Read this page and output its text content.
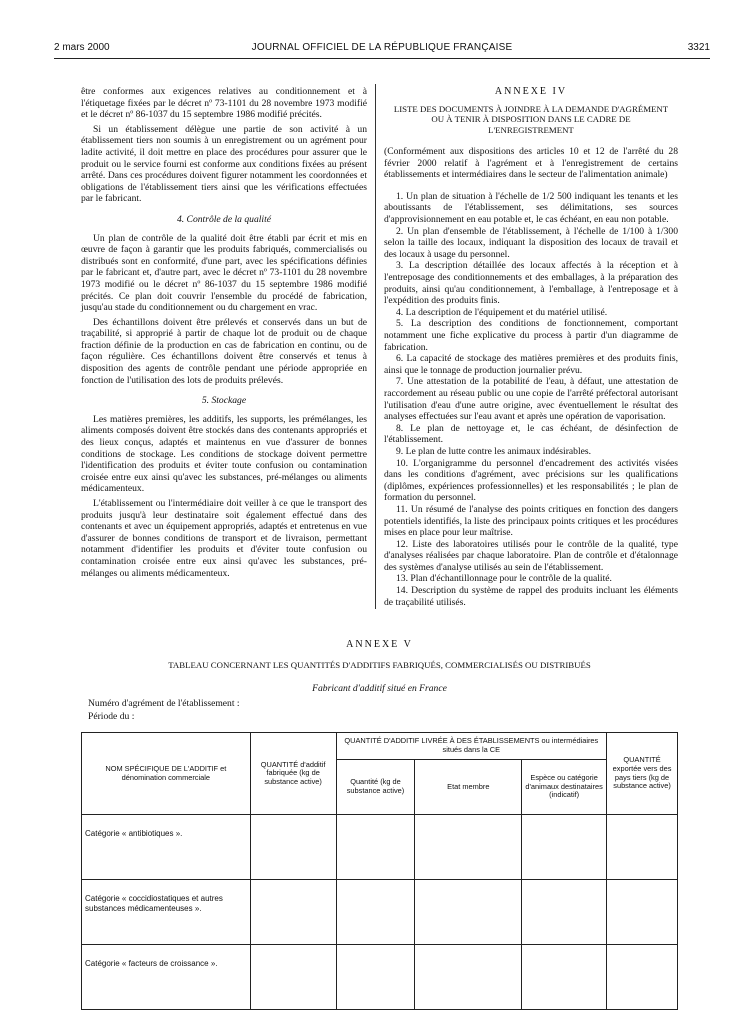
2 mars 2000	JOURNAL OFFICIEL DE LA RÉPUBLIQUE FRANÇAISE	3321

être conformes aux exigences relatives au conditionnement et à l'étiquetage fixées par le décret nº 73-1101 du 28 novembre 1973 modifié et le décret nº 86-1037 du 15 septembre 1986 modifié précités.

Si un établissement délègue une partie de son activité à un établissement tiers non soumis à un enregistrement ou un agrément pour ladite activité, il doit mettre en place des procédures pour assurer que le produit ou le service fourni est conforme aux conditions fixées au présent arrêté. Dans ces procédures doivent figurer notamment les coordonnées et obligations de l'établissement tiers ainsi que les vérifications effectuées par le fabricant.

4. Contrôle de la qualité

Un plan de contrôle de la qualité doit être établi par écrit et mis en œuvre de façon à garantir que les produits fabriqués, commercialisés ou distribués sont en conformité, d'une part, avec les spécifications définies par le fabricant et, d'autre part, avec le décret nº 73-1101 du 28 novembre 1973 modifié ou le décret nº 86-1037 du 15 septembre 1986 modifié précités. Ce plan doit couvrir l'ensemble du procédé de fabrication, jusqu'au stade du conditionnement ou du chargement en vrac.

Des échantillons doivent être prélevés et conservés dans un but de traçabilité, si approprié à partir de chaque lot de produit ou de chaque fraction définie de la production en cas de fabrication en continu, ou de façon régulière. Ces échantillons doivent être conservés et tenus à disposition des agents de contrôle pendant une période appropriée en fonction de l'utilisation des lots de produits prélevés.

5. Stockage

Les matières premières, les additifs, les supports, les prémélanges, les aliments composés doivent être stockés dans des contenants appropriés et des lieux conçus, adaptés et maintenus en vue d'assurer de bonnes conditions de stockage. Les conditions de stockage doivent permettre l'identification des produits et éviter toute confusion ou contamination croisée entre eux ainsi qu'avec les substances, pré-mélanges ou aliments médicamenteux.

L'établissement ou l'intermédiaire doit veiller à ce que le transport des produits jusqu'à leur destinataire soit également effectué dans des contenants et avec un équipement appropriés, adaptés et entretenus en vue d'assurer de bonnes conditions de transport et de livraison, permettant notamment d'identifier les produits et d'éviter toute confusion ou contamination croisée entre eux ainsi qu'avec les substances, pré-mélanges ou aliments médicamenteux.

ANNEXE IV
LISTE DES DOCUMENTS À JOINDRE À LA DEMANDE D'AGRÉMENT OU À TENIR À DISPOSITION DANS LE CADRE DE L'ENREGISTREMENT

(Conformément aux dispositions des articles 10 et 12 de l'arrêté du 28 février 2000 relatif à l'agrément et à l'enregistrement de certains établissements et intermédiaires dans le secteur de l'alimentation animale)

1. Un plan de situation à l'échelle de 1/2 500 indiquant les tenants et les aboutissants de l'établissement, ses délimitations, ses sources d'approvisionnement en eau potable et, le cas échéant, en eau non potable.
2. Un plan d'ensemble de l'établissement, à l'échelle de 1/100 à 1/300 selon la taille des locaux, indiquant la disposition des locaux de travail et des locaux à usage du personnel.
3. La description détaillée des locaux affectés à la réception et à l'entreposage des conditionnements et des emballages, à la préparation des produits, ainsi qu'au conditionnement, à l'emballage, à l'entreposage et à l'expédition des produits finis.
4. La description de l'équipement et du matériel utilisé.
5. La description des conditions de fonctionnement, comportant notamment une fiche explicative du process à partir d'un diagramme de fabrication.
6. La capacité de stockage des matières premières et des produits finis, ainsi que le tonnage de production journalier prévu.
7. Une attestation de la potabilité de l'eau, à défaut, une attestation de raccordement au réseau public ou une copie de l'arrêté préfectoral autorisant l'utilisation d'eau d'une autre origine, avec éventuellement le résultat des analyses effectuées sur l'eau avant et après une opération de vaporisation.
8. Le plan de nettoyage et, le cas échéant, de désinfection de l'établissement.
9. Le plan de lutte contre les animaux indésirables.
10. L'organigramme du personnel d'encadrement des activités visées dans les conditions d'agrément, avec précisions sur les qualifications (diplômes, expériences professionnelles) et les responsabilités ; le plan de formation du personnel.
11. Un résumé de l'analyse des points critiques en fonction des dangers potentiels identifiés, la liste des principaux points critiques et les procédures mises en place pour leur maîtrise.
12. Liste des laboratoires utilisés pour le contrôle de la qualité, type d'analyses réalisées par chaque laboratoire. Plan de contrôle et d'étalonnage des systèmes d'analyse utilisés au sein de l'établissement.
13. Plan d'échantillonnage pour le contrôle de la qualité.
14. Description du système de rappel des produits incluant les éléments de traçabilité utilisés.
ANNEXE V
TABLEAU CONCERNANT LES QUANTITÉS D'ADDITIFS FABRIQUÉS, COMMERCIALISÉS OU DISTRIBUÉS
Fabricant d'additif situé en France
Numéro d'agrément de l'établissement :
Période du :
NOM SPÉCIFIQUE DE L'ADDITIF et dénomination commerciale	QUANTITÉ d'additif fabriquée (kg de substance active)	QUANTITÉ D'ADDITIF LIVRÉE À DES ÉTABLISSEMENTS ou intermédiaires situés dans la CE			QUANTITÉ exportée vers des pays tiers (kg de substance active)
		Quantité (kg de substance active)	Etat membre	Espèce ou catégorie d'animaux destinataires (indicatif)	
Catégorie « antibiotiques ».					
Catégorie « coccidiostatiques et autres substances médicamenteuses ».					
Catégorie « facteurs de croissance ».					
